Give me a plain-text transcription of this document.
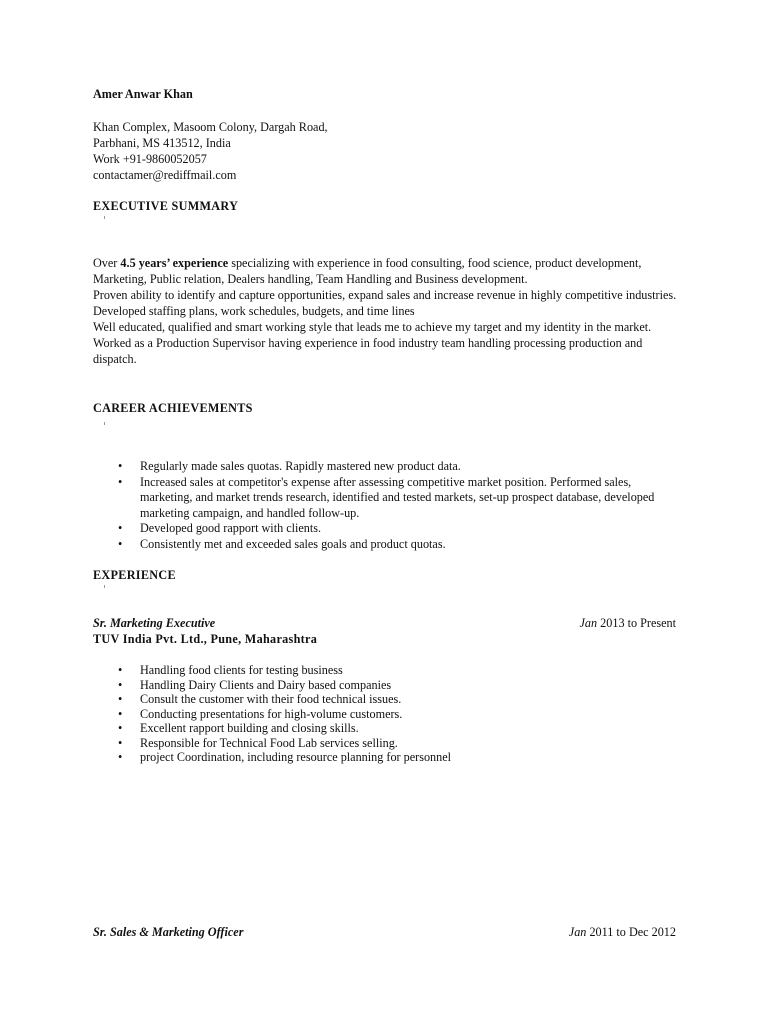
Amer Anwar Khan
Khan Complex, Masoom Colony, Dargah Road,
Parbhani, MS 413512, India
Work +91-9860052057
contactamer@rediffmail.com
EXECUTIVE SUMMARY

Over 4.5 years’ experience specializing with experience in food consulting, food science, product development, Marketing, Public relation, Dealers handling, Team Handling and Business development.

Proven ability to identify and capture opportunities, expand sales and increase revenue in highly competitive industries. Developed staffing plans, work schedules, budgets, and time lines

Well educated, qualified and smart working style that leads me to achieve my target and my identity in the market.

Worked as a Production Supervisor having experience in food industry team handling processing production and dispatch.

CAREER ACHIEVEMENTS
• Regularly made sales quotas. Rapidly mastered new product data.
• Increased sales at competitor's expense after assessing competitive market position. Performed sales, marketing, and market trends research, identified and tested markets, set-up prospect database, developed marketing campaign, and handled follow-up.
• Developed good rapport with clients.
• Consistently met and exceeded sales goals and product quotas.
EXPERIENCE
Sr. Marketing Executive	Jan 2013 to Present
TUV India Pvt. Ltd., Pune, Maharashtra
• Handling food clients for testing business
• Handling Dairy Clients and Dairy based companies
• Consult the customer with their food technical issues.
• Conducting presentations for high-volume customers.
• Excellent rapport building and closing skills.
• Responsible for Technical Food Lab services selling.
• project Coordination, including resource planning for personnel
Sr. Sales & Marketing Officer	Jan 2011 to Dec 2012
